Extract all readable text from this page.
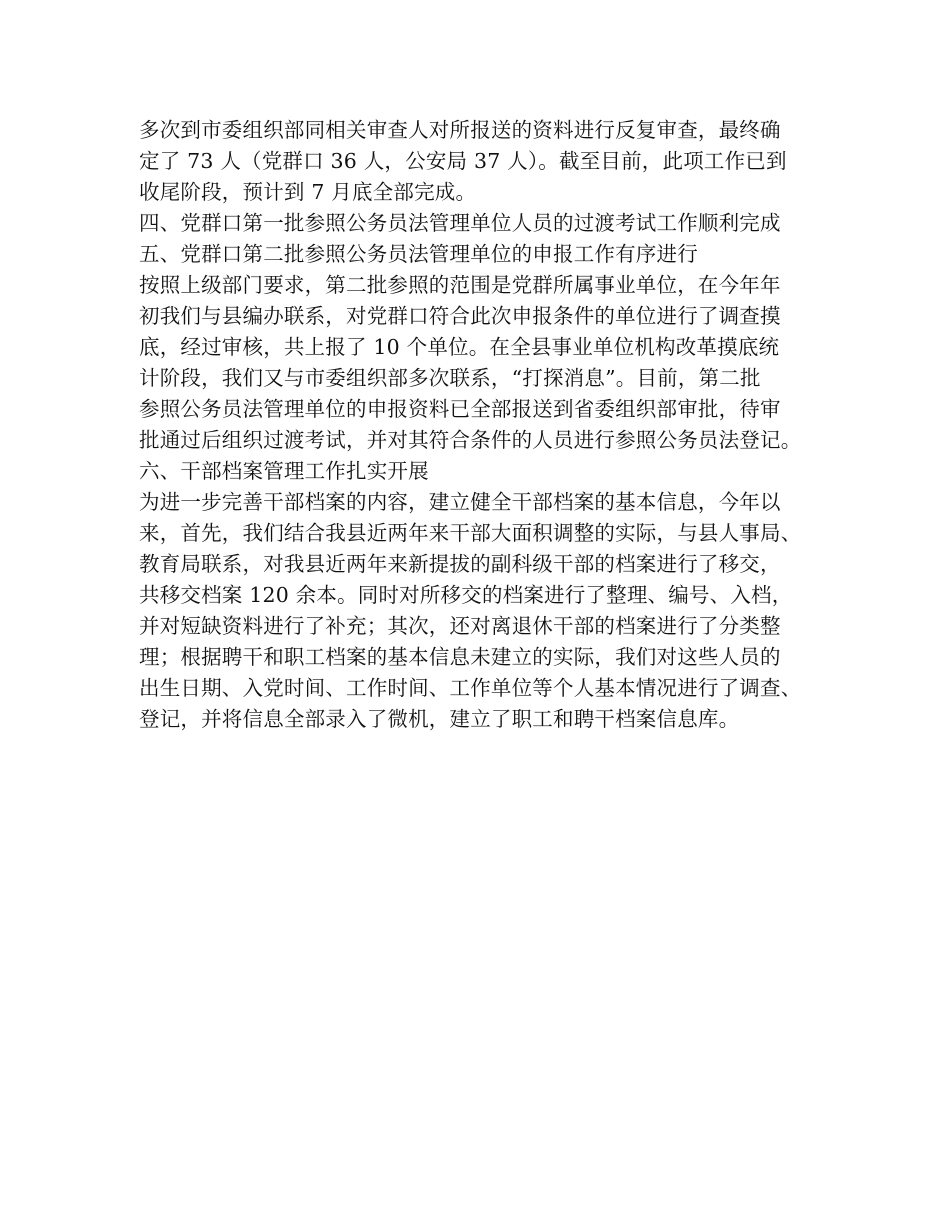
多次到市委组织部同相关审查人对所报送的资料进行反复审查，最终确
定了 73 人（党群口 36 人，公安局 37 人）。截至目前，此项工作已到
收尾阶段，预计到 7 月底全部完成。
四、党群口第一批参照公务员法管理单位人员的过渡考试工作顺利完成
五、党群口第二批参照公务员法管理单位的申报工作有序进行
按照上级部门要求，第二批参照的范围是党群所属事业单位，在今年年
初我们与县编办联系，对党群口符合此次申报条件的单位进行了调查摸
底，经过审核，共上报了 10 个单位。在全县事业单位机构改革摸底统
计阶段，我们又与市委组织部多次联系，“打探消息”。目前，第二批
参照公务员法管理单位的申报资料已全部报送到省委组织部审批，待审
批通过后组织过渡考试，并对其符合条件的人员进行参照公务员法登记。
六、干部档案管理工作扎实开展
为进一步完善干部档案的内容，建立健全干部档案的基本信息，今年以
来，首先，我们结合我县近两年来干部大面积调整的实际，与县人事局、
教育局联系，对我县近两年来新提拔的副科级干部的档案进行了移交，
共移交档案 120 余本。同时对所移交的档案进行了整理、编号、入档，
并对短缺资料进行了补充；其次，还对离退休干部的档案进行了分类整
理；根据聘干和职工档案的基本信息未建立的实际，我们对这些人员的
出生日期、入党时间、工作时间、工作单位等个人基本情况进行了调查、
登记，并将信息全部录入了微机，建立了职工和聘干档案信息库。
